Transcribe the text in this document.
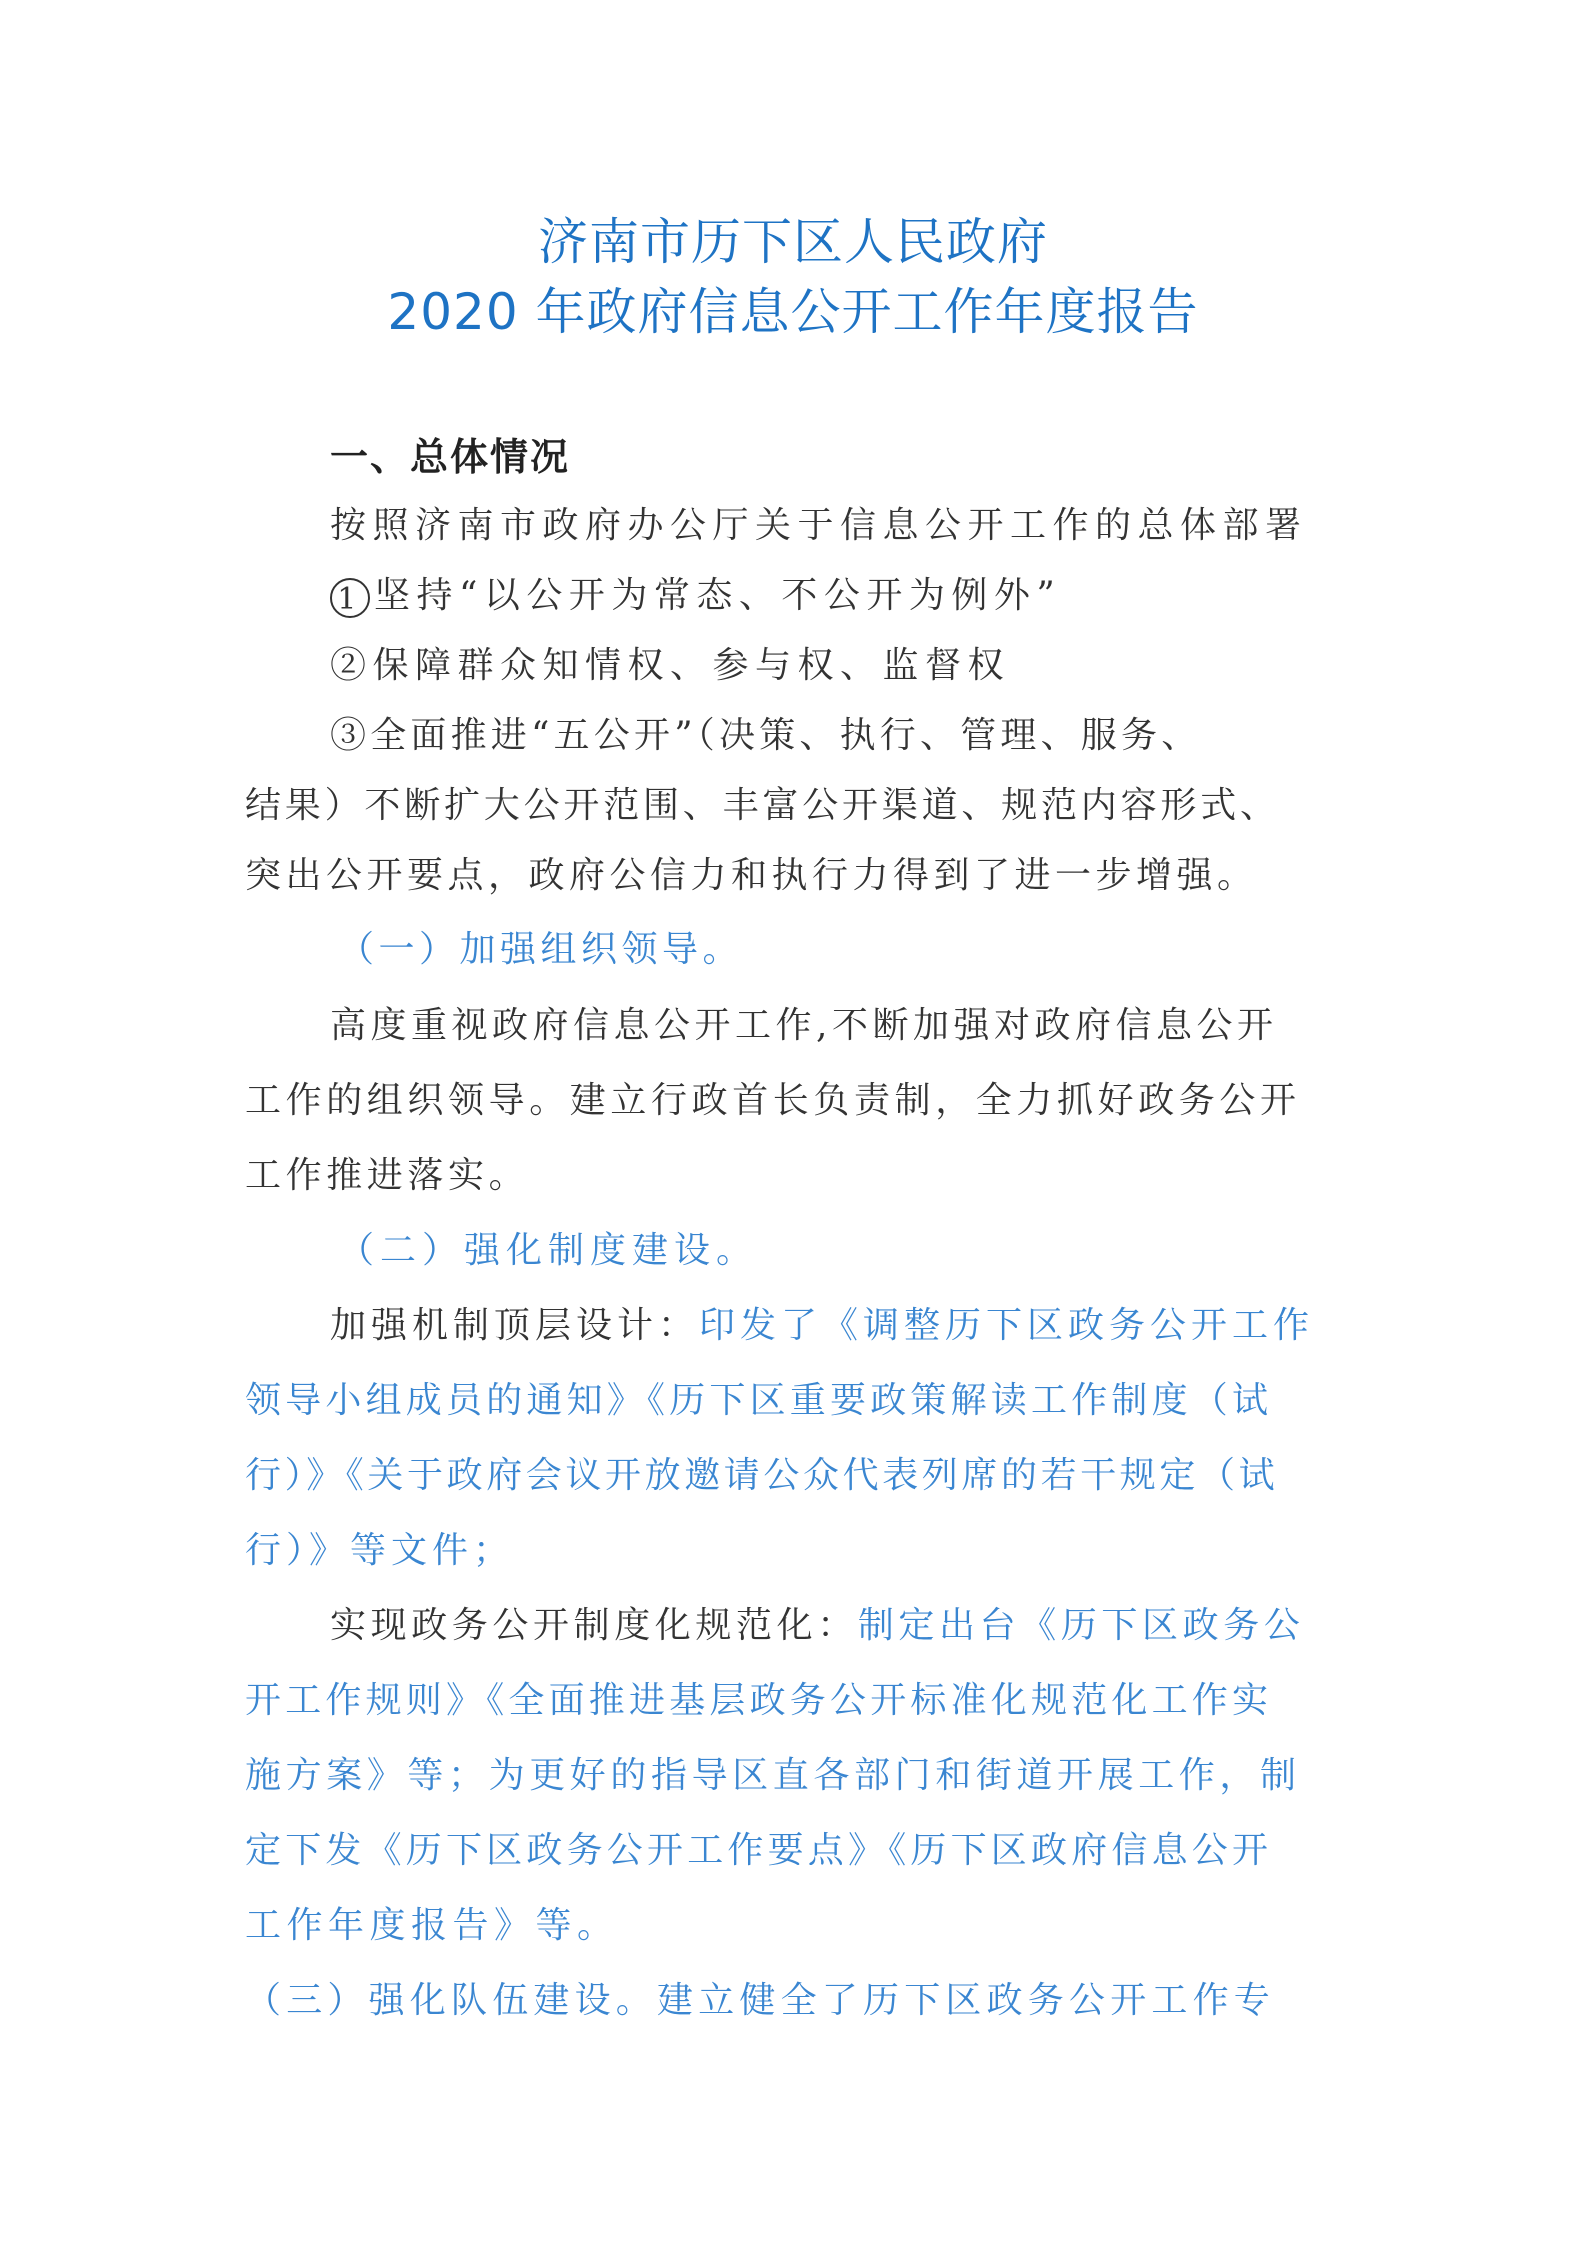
济南市历下区人民政府
2020 年政府信息公开工作年度报告
一、总体情况
按照济南市政府办公厅关于信息公开工作的总体部署
1 坚持“以公开为常态、不公开为例外”
②保障群众知情权、参与权、监督权
③全面推进“五公开”（决策、执行、管理、服务、
结果）不断扩大公开范围、丰富公开渠道、规范内容形式、
突出公开要点，政府公信力和执行力得到了进一步增强。
（一）加强组织领导。
高度重视政府信息公开工作,不断加强对政府信息公开
工作的组织领导。建立行政首长负责制，全力抓好政务公开
工作推进落实。
（二）强化制度建设。
加强机制顶层设计：印发了《调整历下区政务公开工作
领导小组成员的通知》《历下区重要政策解读工作制度（试
行）》《关于政府会议开放邀请公众代表列席的若干规定（试
行）》等文件；
实现政务公开制度化规范化：制定出台《历下区政务公
开工作规则》《全面推进基层政务公开标准化规范化工作实
施方案》等；为更好的指导区直各部门和街道开展工作，制
定下发《历下区政务公开工作要点》《历下区政府信息公开
工作年度报告》等。
（三）强化队伍建设。建立健全了历下区政务公开工作专
